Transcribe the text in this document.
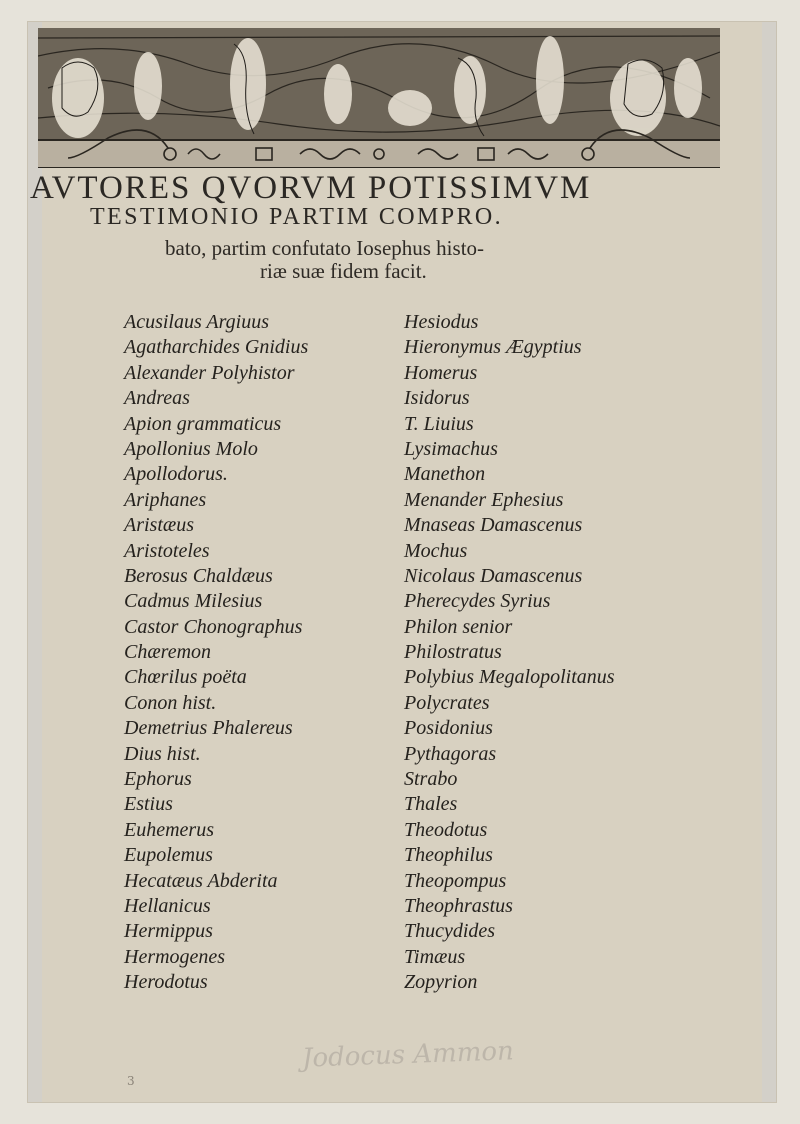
AVTORES QVORVM POTISSIMVM
TESTIMONIO PARTIM COMPRO.
bato, partim confutato Iosephus histo-
riæ suæ fidem facit.
Acusilaus Argiuus
Agatharchides Gnidius
Alexander Polyhistor
Andreas
Apion grammaticus
Apollonius Molo
Apollodorus.
Ariphanes
Aristæus
Aristoteles
Berosus Chaldæus
Cadmus Milesius
Castor Chonographus
Chæremon
Chœrilus poëta
Conon hist.
Demetrius Phalereus
Dius hist.
Ephorus
Estius
Euhemerus
Eupolemus
Hecatæus Abderita
Hellanicus
Hermippus
Hermogenes
Herodotus
Hesiodus
Hieronymus Ægyptius
Homerus
Isidorus
T. Liuius
Lysimachus
Manethon
Menander Ephesius
Mnaseas Damascenus
Mochus
Nicolaus Damascenus
Pherecydes Syrius
Philon senior
Philostratus
Polybius Megalopolitanus
Polycrates
Posidonius
Pythagoras
Strabo
Thales
Theodotus
Theophilus
Theopompus
Theophrastus
Thucydides
Timæus
Zopyrion
Jodocus Ammon
3
